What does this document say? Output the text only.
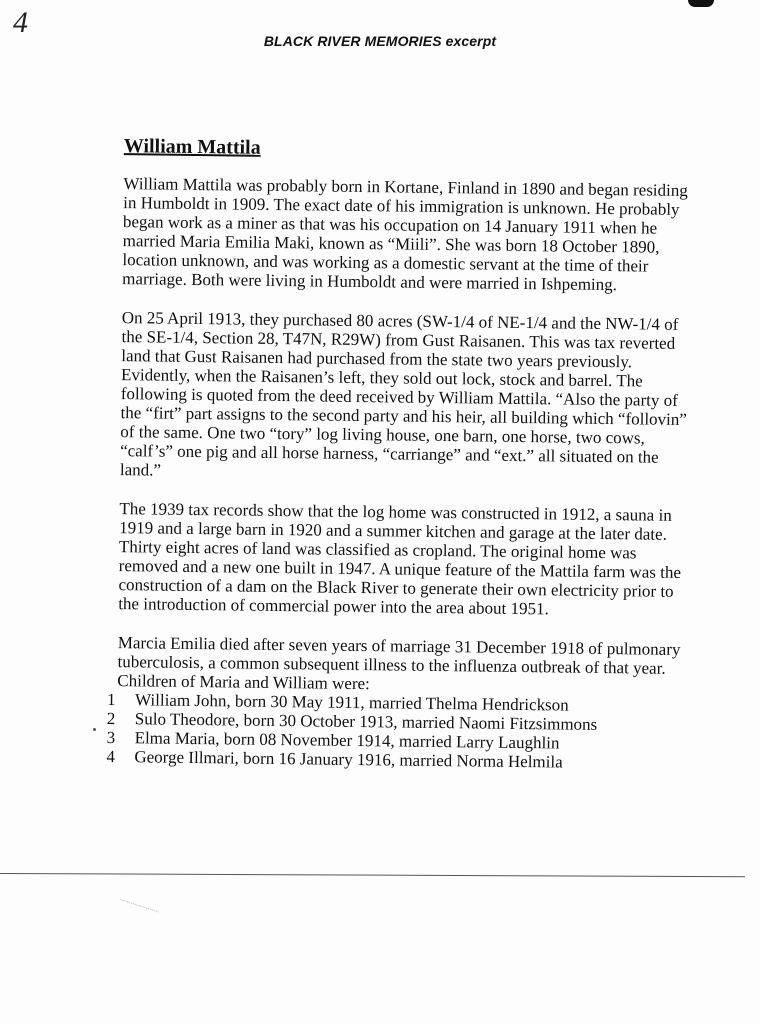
4
BLACK RIVER MEMORIES excerpt
William Mattila

William Mattila was probably born in Kortane, Finland in 1890 and began residing in Humboldt in 1909. The exact date of his immigration is unknown. He probably began work as a miner as that was his occupation on 14 January 1911 when he married Maria Emilia Maki, known as “Miili”. She was born 18 October 1890, location unknown, and was working as a domestic servant at the time of their marriage. Both were living in Humboldt and were married in Ishpeming.

On 25 April 1913, they purchased 80 acres (SW-1/4 of NE-1/4 and the NW-1/4 of the SE-1/4, Section 28, T47N, R29W) from Gust Raisanen. This was tax reverted land that Gust Raisanen had purchased from the state two years previously. Evidently, when the Raisanen’s left, they sold out lock, stock and barrel. The following is quoted from the deed received by William Mattila. “Also the party of the “firt” part assigns to the second party and his heir, all building which “follovin” of the same. One two “tory” log living house, one barn, one horse, two cows, “calf’s” one pig and all horse harness, “carriange” and “ext.” all situated on the land.”

The 1939 tax records show that the log home was constructed in 1912, a sauna in 1919 and a large barn in 1920 and a summer kitchen and garage at the later date. Thirty eight acres of land was classified as cropland. The original home was removed and a new one built in 1947. A unique feature of the Mattila farm was the construction of a dam on the Black River to generate their own electricity prior to the introduction of commercial power into the area about 1951.

Marcia Emilia died after seven years of marriage 31 December 1918 of pulmonary tuberculosis, a common subsequent illness to the influenza outbreak of that year. Children of Maria and William were:

1	William John, born 30 May 1911, married Thelma Hendrickson
2	Sulo Theodore, born 30 October 1913, married Naomi Fitzsimmons
3	Elma Maria, born 08 November 1914, married Larry Laughlin
4	George Illmari, born 16 January 1916, married Norma Helmila
